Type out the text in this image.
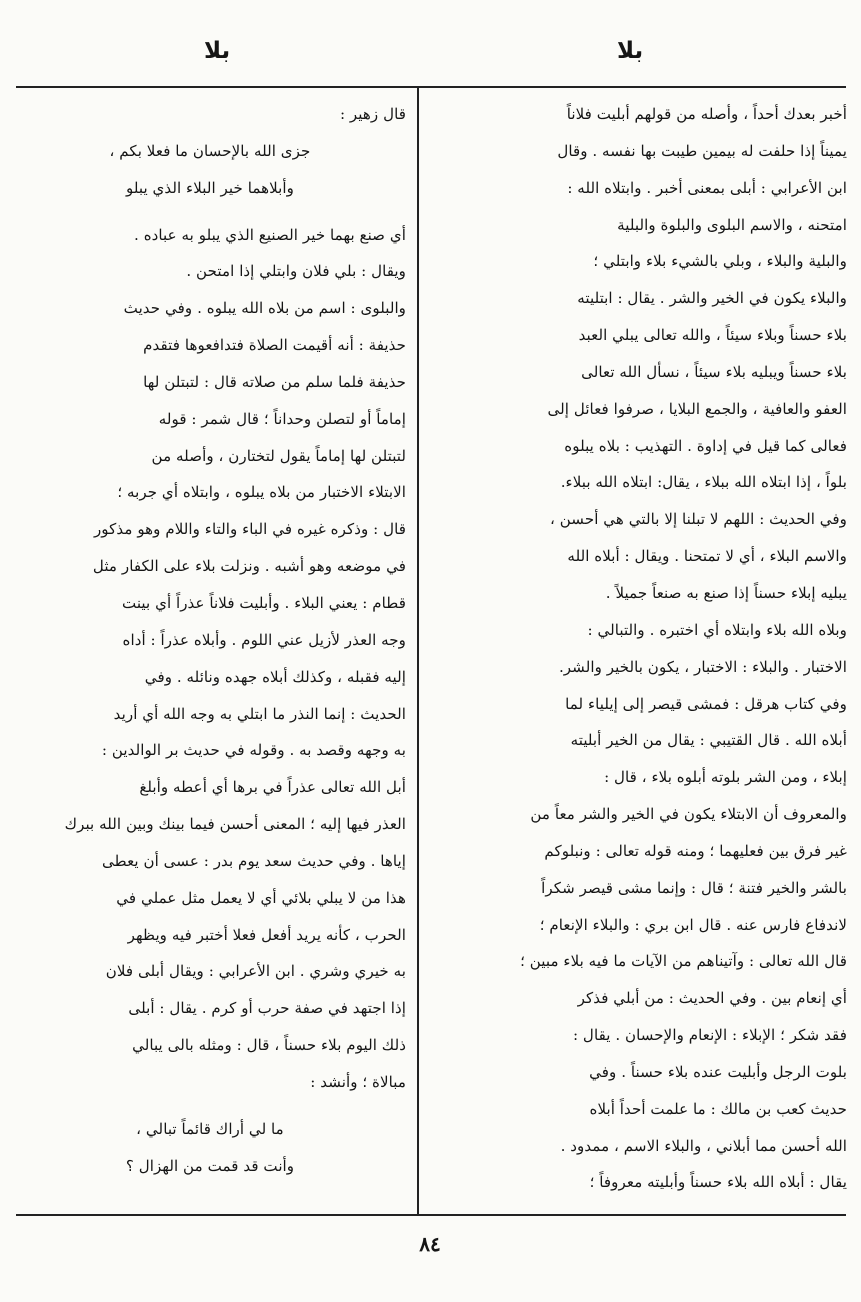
بلا
بلا
أخبر بعدك أحداً ، وأصله من قولهم أبليت فلاناً
يميناً إذا حلفت له بيمين طيبت بها نفسه . وقال
ابن الأعرابي : أبلى بمعنى أخبر . وابتلاه الله :
امتحنه ، والاسم البلوى والبلوة والبلية
والبلية والبلاء ، وبلي بالشيء بلاء وابتلي ؛
والبلاء يكون في الخير والشر . يقال : ابتليته
بلاء حسناً وبلاء سيئاً ، والله تعالى يبلي العبد
بلاء حسناً ويبليه بلاء سيئاً ، نسأل الله تعالى
العفو والعافية ، والجمع البلايا ، صرفوا فعائل إلى
فعالى كما قيل في إداوة . التهذيب : بلاه يبلوه
بلواً ، إذا ابتلاه الله ببلاء ، يقال: ابتلاه الله ببلاء.
وفي الحديث : اللهم لا تبلنا إلا بالتي هي أحسن ،
والاسم البلاء ، أي لا تمتحنا . ويقال : أبلاه الله
يبليه إبلاء حسناً إذا صنع به صنعاً جميلاً .
وبلاه الله بلاء وابتلاه أي اختبره . والتبالي :
الاختبار . والبلاء : الاختبار ، يكون بالخير والشر.
وفي كتاب هرقل : فمشى قيصر إلى إيلياء لما
أبلاه الله . قال القتيبي : يقال من الخير أبليته
إبلاء ، ومن الشر بلوته أبلوه بلاء ، قال :
والمعروف أن الابتلاء يكون في الخير والشر معاً من
غير فرق بين فعليهما ؛ ومنه قوله تعالى : ونبلوكم
بالشر والخير فتنة ؛ قال : وإنما مشى قيصر شكراً
لاندفاع فارس عنه . قال ابن بري : والبلاء الإنعام ؛
قال الله تعالى : وآتيناهم من الآيات ما فيه بلاء مبين ؛
أي إنعام بين . وفي الحديث : من أبلي فذكر
فقد شكر ؛ الإبلاء : الإنعام والإحسان . يقال :
بلوت الرجل وأبليت عنده بلاء حسناً . وفي
حديث كعب بن مالك : ما علمت أحداً أبلاه
الله أحسن مما أبلاني ، والبلاء الاسم ، ممدود .
يقال : أبلاه الله بلاء حسناً وأبليته معروفاً ؛
قال زهير :
جزى الله بالإحسان ما فعلا بكم ،
وأبلاهما خير البلاء الذي يبلو
أي صنع بهما خير الصنيع الذي يبلو به عباده .
ويقال : بلي فلان وابتلي إذا امتحن .
والبلوى : اسم من بلاه الله يبلوه . وفي حديث
حذيفة : أنه أقيمت الصلاة فتدافعوها فتقدم
حذيفة فلما سلم من صلاته قال : لتبتلن لها
إماماً أو لتصلن وحداناً ؛ قال شمر : قوله
لتبتلن لها إماماً يقول لتختارن ، وأصله من
الابتلاء الاختبار من بلاه يبلوه ، وابتلاه أي جربه ؛
قال : وذكره غيره في الباء والتاء واللام وهو مذكور
في موضعه وهو أشبه . ونزلت بلاء على الكفار مثل
قطام : يعني البلاء . وأبليت فلاناً عذراً أي بينت
وجه العذر لأزيل عني اللوم . وأبلاه عذراً : أداه
إليه فقبله ، وكذلك أبلاه جهده ونائله . وفي
الحديث : إنما النذر ما ابتلي به وجه الله أي أريد
به وجهه وقصد به . وقوله في حديث بر الوالدين :
أبل الله تعالى عذراً في برها أي أعطه وأبلغ
العذر فيها إليه ؛ المعنى أحسن فيما بينك وبين الله ببرك
إياها . وفي حديث سعد يوم بدر : عسى أن يعطى
هذا من لا يبلي بلائي أي لا يعمل مثل عملي في
الحرب ، كأنه يريد أفعل فعلا أختبر فيه ويظهر
به خيري وشري . ابن الأعرابي : ويقال أبلى فلان
إذا اجتهد في صفة حرب أو كرم . يقال : أبلى
ذلك اليوم بلاء حسناً ، قال : ومثله بالى يبالي
مبالاة ؛ وأنشد :
ما لي أراك قائماً تبالي ،
وأنت قد قمت من الهزال ؟
٨٤
